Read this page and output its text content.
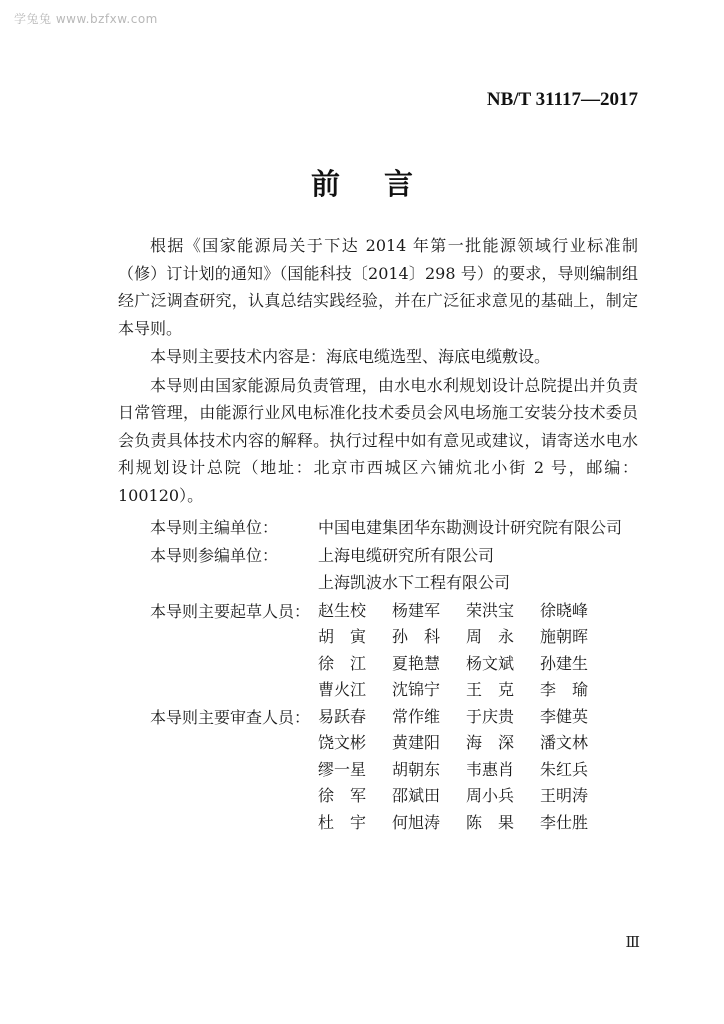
学兔兔 www.bzfxw.com
NB/T 31117—2017
前言

根据《国家能源局关于下达 2014 年第一批能源领域行业标准制（修）订计划的通知》（国能科技〔2014〕298 号）的要求，导则编制组经广泛调查研究，认真总结实践经验，并在广泛征求意见的基础上，制定本导则。

本导则主要技术内容是：海底电缆选型、海底电缆敷设。

本导则由国家能源局负责管理，由水电水利规划设计总院提出并负责日常管理，由能源行业风电标准化技术委员会风电场施工安装分技术委员会负责具体技术内容的解释。执行过程中如有意见或建议，请寄送水电水利规划设计总院（地址：北京市西城区六铺炕北小街 2 号，邮编：100120）。

本导则主编单位：	中国电建集团华东勘测设计研究院有限公司
本导则参编单位：	上海电缆研究所有限公司
上海凯波水下工程有限公司
本导则主要起草人员： 赵生校	杨建军	荣洪宝	徐晓峰
胡　寅	孙　科	周　永	施朝晖
徐　江	夏艳慧	杨文斌	孙建生
曹火江	沈锦宁	王　克	李　瑜
本导则主要审查人员： 易跃春	常作维	于庆贵	李健英
饶文彬	黄建阳	海　深	潘文林
缪一星	胡朝东	韦惠肖	朱红兵
徐　军	邵斌田	周小兵	王明涛
杜　宇	何旭涛	陈　果	李仕胜
Ⅲ
